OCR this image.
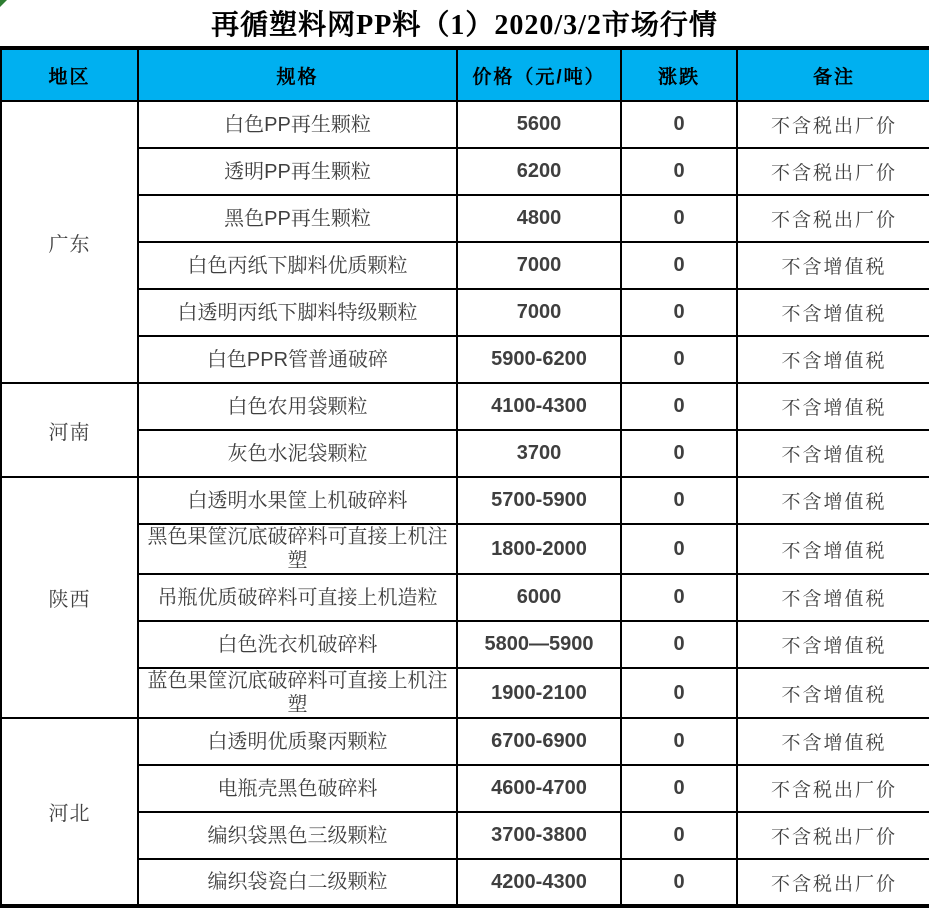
再循塑料网PP料（1）2020/3/2市场行情
地区	规格	价格（元/吨）	涨跌	备注
广东	白色PP再生颗粒	5600	0	不含税出厂价
	透明PP再生颗粒	6200	0	不含税出厂价
	黑色PP再生颗粒	4800	0	不含税出厂价
	白色丙纸下脚料优质颗粒	7000	0	不含增值税
	白透明丙纸下脚料特级颗粒	7000	0	不含增值税
	白色PPR管普通破碎	5900-6200	0	不含增值税
河南	白色农用袋颗粒	4100-4300	0	不含增值税
	灰色水泥袋颗粒	3700	0	不含增值税
陕西	白透明水果筐上机破碎料	5700-5900	0	不含增值税
	黑色果筐沉底破碎料可直接上机注塑	1800-2000	0	不含增值税
	吊瓶优质破碎料可直接上机造粒	6000	0	不含增值税
	白色洗衣机破碎料	5800—5900	0	不含增值税
	蓝色果筐沉底破碎料可直接上机注塑	1900-2100	0	不含增值税
河北	白透明优质聚丙颗粒	6700-6900	0	不含增值税
	电瓶壳黑色破碎料	4600-4700	0	不含税出厂价
	编织袋黑色三级颗粒	3700-3800	0	不含税出厂价
	编织袋瓷白二级颗粒	4200-4300	0	不含税出厂价
